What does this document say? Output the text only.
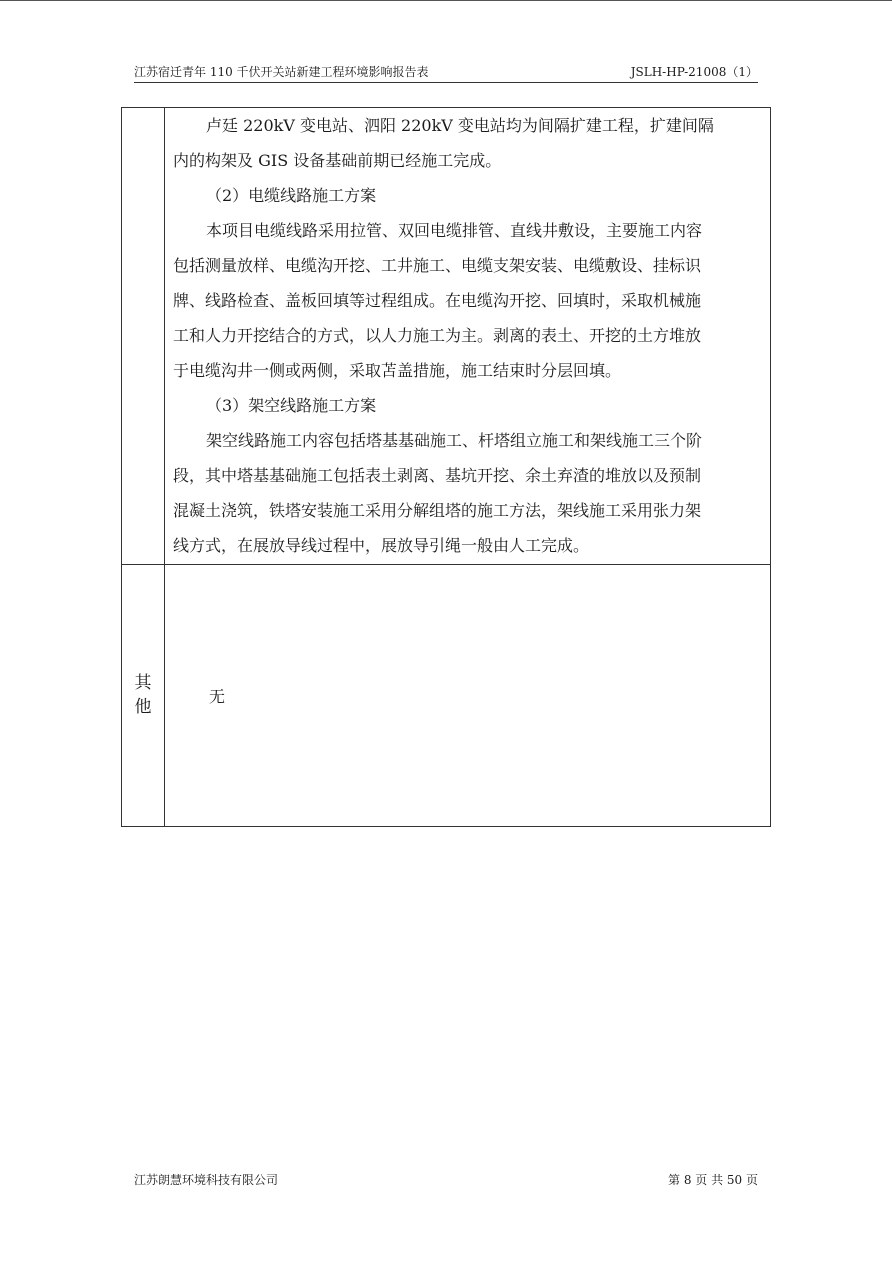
江苏宿迁青年 110 千伏开关站新建工程环境影响报告表	JSLH-HP-21008（1）

卢廷 220kV 变电站、泗阳 220kV 变电站均为间隔扩建工程，扩建间隔

内的构架及 GIS 设备基础前期已经施工完成。

（2）电缆线路施工方案

本项目电缆线路采用拉管、双回电缆排管、直线井敷设，主要施工内容

包括测量放样、电缆沟开挖、工井施工、电缆支架安装、电缆敷设、挂标识

牌、线路检查、盖板回填等过程组成。在电缆沟开挖、回填时，采取机械施

工和人力开挖结合的方式，以人力施工为主。剥离的表土、开挖的土方堆放

于电缆沟井一侧或两侧，采取苫盖措施，施工结束时分层回填。

（3）架空线路施工方案

架空线路施工内容包括塔基基础施工、杆塔组立施工和架线施工三个阶

段，其中塔基基础施工包括表土剥离、基坑开挖、余土弃渣的堆放以及预制

混凝土浇筑，铁塔安装施工采用分解组塔的施工方法，架线施工采用张力架

线方式，在展放导线过程中，展放导引绳一般由人工完成。

其
他
无
江苏朗慧环境科技有限公司	第 8 页 共 50 页
